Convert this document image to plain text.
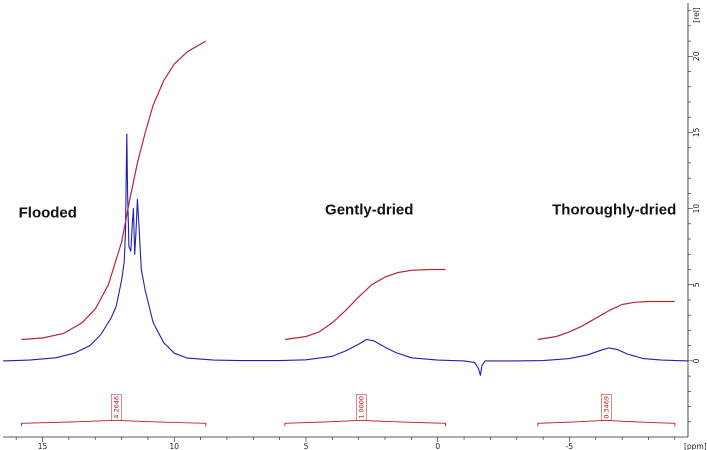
4.2646	1.0000	0.3469
15	10	5	0	-5	[ppm]
0
5
10
15
20
[rel]
Flooded	Gently-dried	Thoroughly-dried
